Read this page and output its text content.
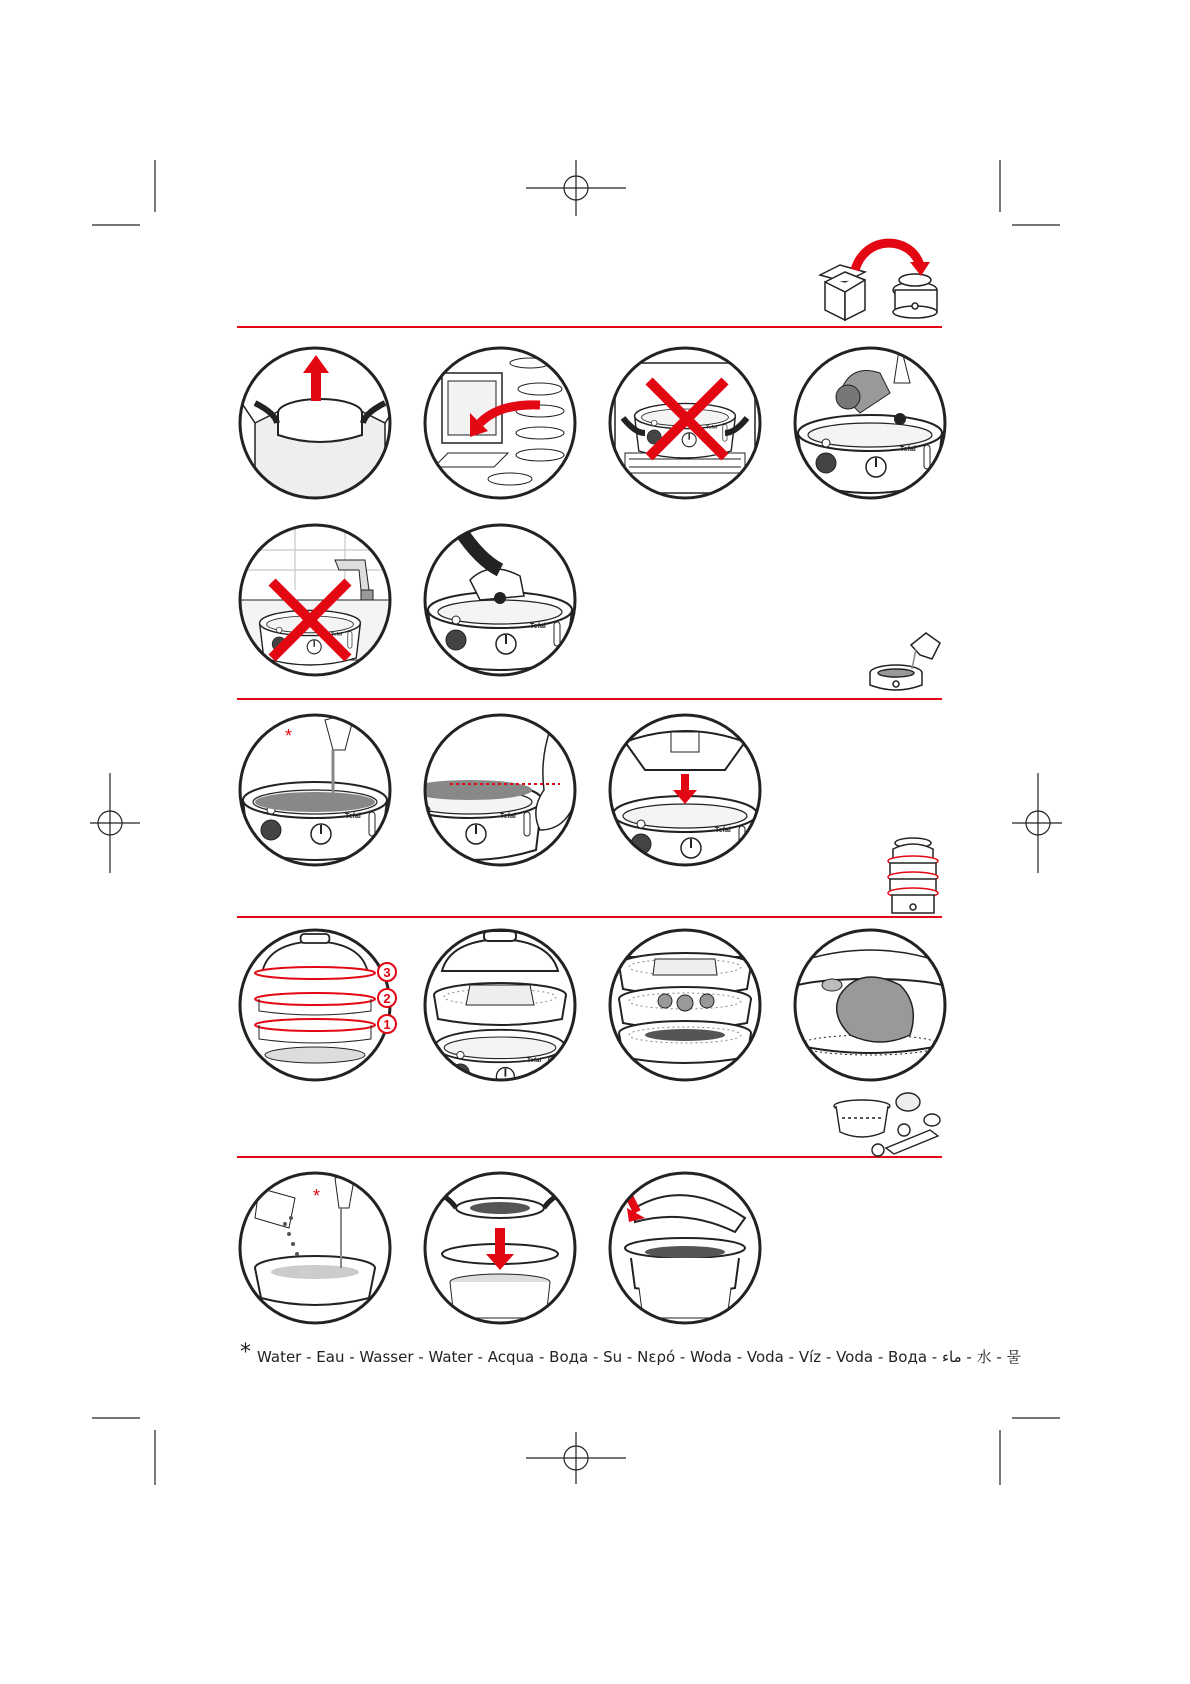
Tefal
*
3
2
1
*
* Water - Eau - Wasser - Water - Acqua - Вода - Su - Νερό - Woda - Voda - Víz - Voda - Вода - ماء - 水 - 물
